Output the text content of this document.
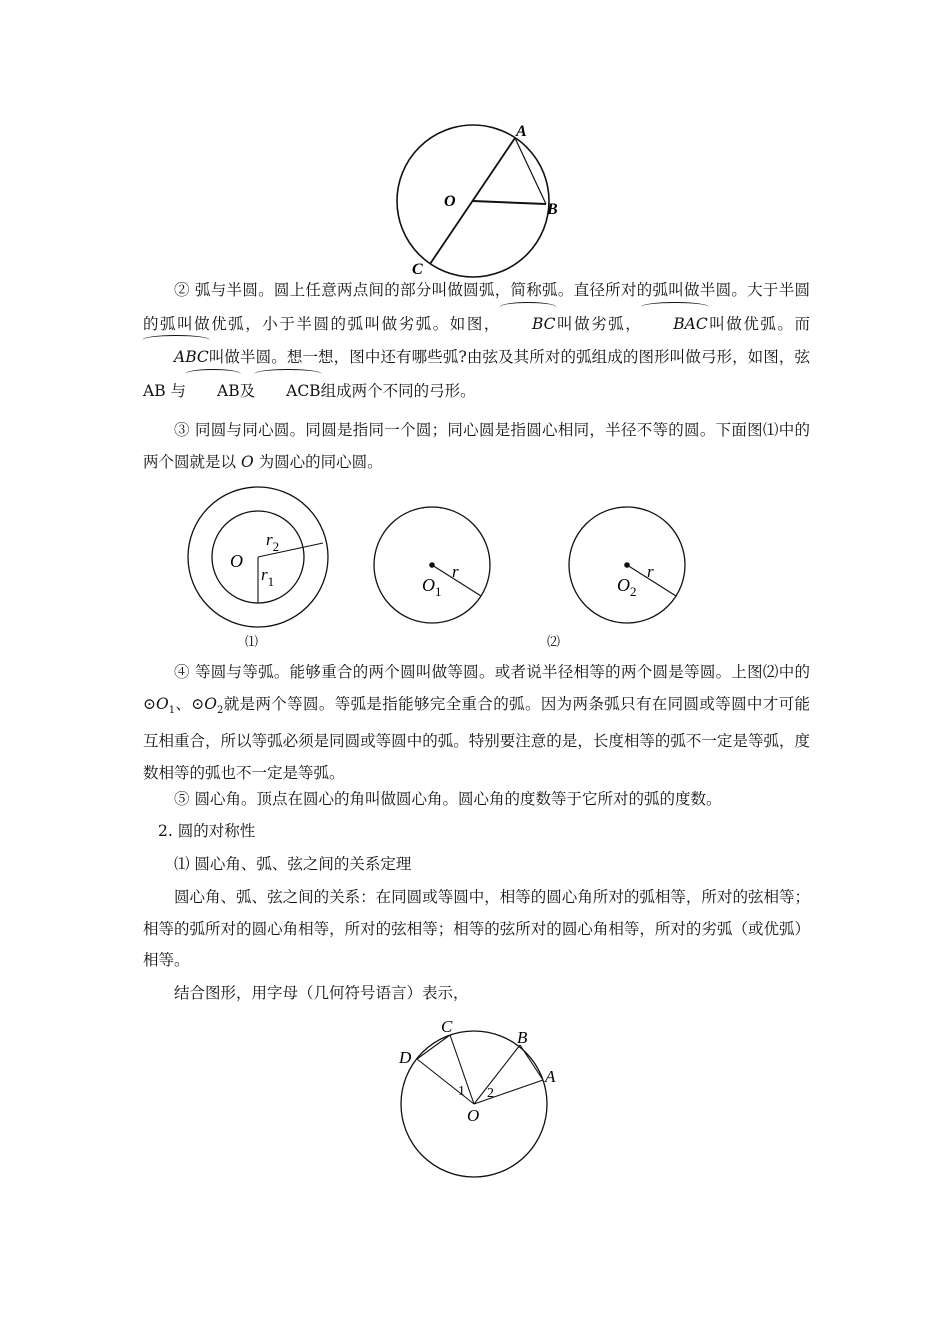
A
B
C
O

② 弧与半圆。圆上任意两点间的部分叫做圆弧，简称弧。直径所对的弧叫做半圆。大于半圆的弧叫做优弧，小于半圆的弧叫做劣弧。如图， BC叫做劣弧， BAC叫做优弧。而ABC叫做半圆。想一想，图中还有哪些弧?由弦及其所对的弧组成的图形叫做弓形，如图，弦 AB 与 AB及 ACB组成两个不同的弓形。

③ 同圆与同心圆。同圆是指同一个圆；同心圆是指圆心相同，半径不等的圆。下面图⑴中的两个圆就是以 O 为圆心的同心圆。

O
$r_2$
$r_1$	$O_1$
r
$O_2$
r
⑴	⑵

④ 等圆与等弧。能够重合的两个圆叫做等圆。或者说半径相等的两个圆是等圆。上图⑵中的$⊙O_1$、$⊙O_2$就是两个等圆。等弧是指能够完全重合的弧。因为两条弧只有在同圆或等圆中才可能互相重合，所以等弧必须是同圆或等圆中的弧。特别要注意的是，长度相等的弧不一定是等弧，度数相等的弧也不一定是等弧。

⑤ 圆心角。顶点在圆心的角叫做圆心角。圆心角的度数等于它所对的弧的度数。

2. 圆的对称性

⑴ 圆心角、弧、弦之间的关系定理

圆心角、弧、弦之间的关系：在同圆或等圆中，相等的圆心角所对的弧相等，所对的弦相等；相等的弧所对的圆心角相等，所对的弦相等；相等的弦所对的圆心角相等，所对的劣弧（或优弧）相等。

结合图形，用字母（几何符号语言）表示，

C
B
D
A
O
1 2
